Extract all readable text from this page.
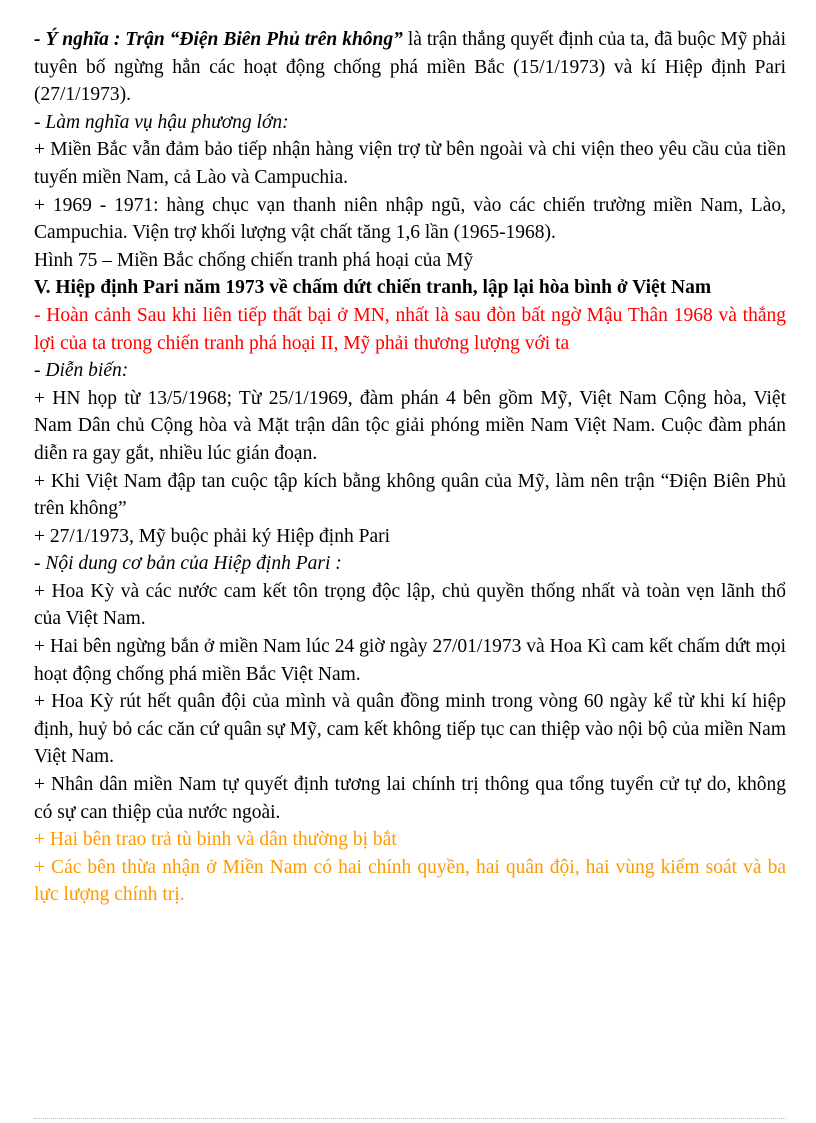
- Ý nghĩa : Trận “Điện Biên Phủ trên không” là trận thắng quyết định của ta, đã buộc Mỹ phải tuyên bố ngừng hẳn các hoạt động chống phá miền Bắc (15/1/1973) và kí Hiệp định Pari (27/1/1973).

- Làm nghĩa vụ hậu phương lớn:

+ Miền Bắc vẫn đảm bảo tiếp nhận hàng viện trợ từ bên ngoài và chi viện theo yêu cầu của tiền tuyến miền Nam, cả Lào và Campuchia.

+ 1969 - 1971: hàng chục vạn thanh niên nhập ngũ, vào các chiến trường miền Nam, Lào, Campuchia. Viện trợ khối lượng vật chất tăng 1,6 lần (1965-1968).

Hình 75 – Miền Bắc chống chiến tranh phá hoại của Mỹ

V. Hiệp định Pari năm 1973 về chấm dứt chiến tranh, lập lại hòa bình ở Việt Nam

- Hoàn cảnh Sau khi liên tiếp thất bại ở MN, nhất là sau đòn bất ngờ Mậu Thân 1968 và thắng lợi của ta trong chiến tranh phá hoại II, Mỹ phải thương lượng với ta

- Diễn biến:

+ HN họp từ 13/5/1968; Từ 25/1/1969, đàm phán 4 bên gồm Mỹ, Việt Nam Cộng hòa, Việt Nam Dân chủ Cộng hòa và Mặt trận dân tộc giải phóng miền Nam Việt Nam. Cuộc đàm phán diễn ra gay gắt, nhiều lúc gián đoạn.

+ Khi Việt Nam đập tan cuộc tập kích bằng không quân của Mỹ, làm nên trận “Điện Biên Phủ trên không”

+ 27/1/1973, Mỹ buộc phải ký Hiệp định Pari

- Nội dung cơ bản của Hiệp định Pari :

+ Hoa Kỳ và các nước cam kết tôn trọng độc lập, chủ quyền thống nhất và toàn vẹn lãnh thổ của Việt Nam.

+ Hai bên ngừng bắn ở miền Nam lúc 24 giờ ngày 27/01/1973 và Hoa Kì cam kết chấm dứt mọi hoạt động chống phá miền Bắc Việt Nam.

+ Hoa Kỳ rút hết quân đội của mình và quân đồng minh trong vòng 60 ngày kể từ khi kí hiệp định, huỷ bỏ các căn cứ quân sự Mỹ, cam kết không tiếp tục can thiệp vào nội bộ của miền Nam Việt Nam.

+ Nhân dân miền Nam tự quyết định tương lai chính trị thông qua tổng tuyển cử tự do, không có sự can thiệp của nước ngoài.

+ Hai bên trao trả tù binh và dân thường bị bắt

+ Các bên thừa nhận ở Miền Nam có hai chính quyền, hai quân đội, hai vùng kiểm soát và ba lực lượng chính trị.
